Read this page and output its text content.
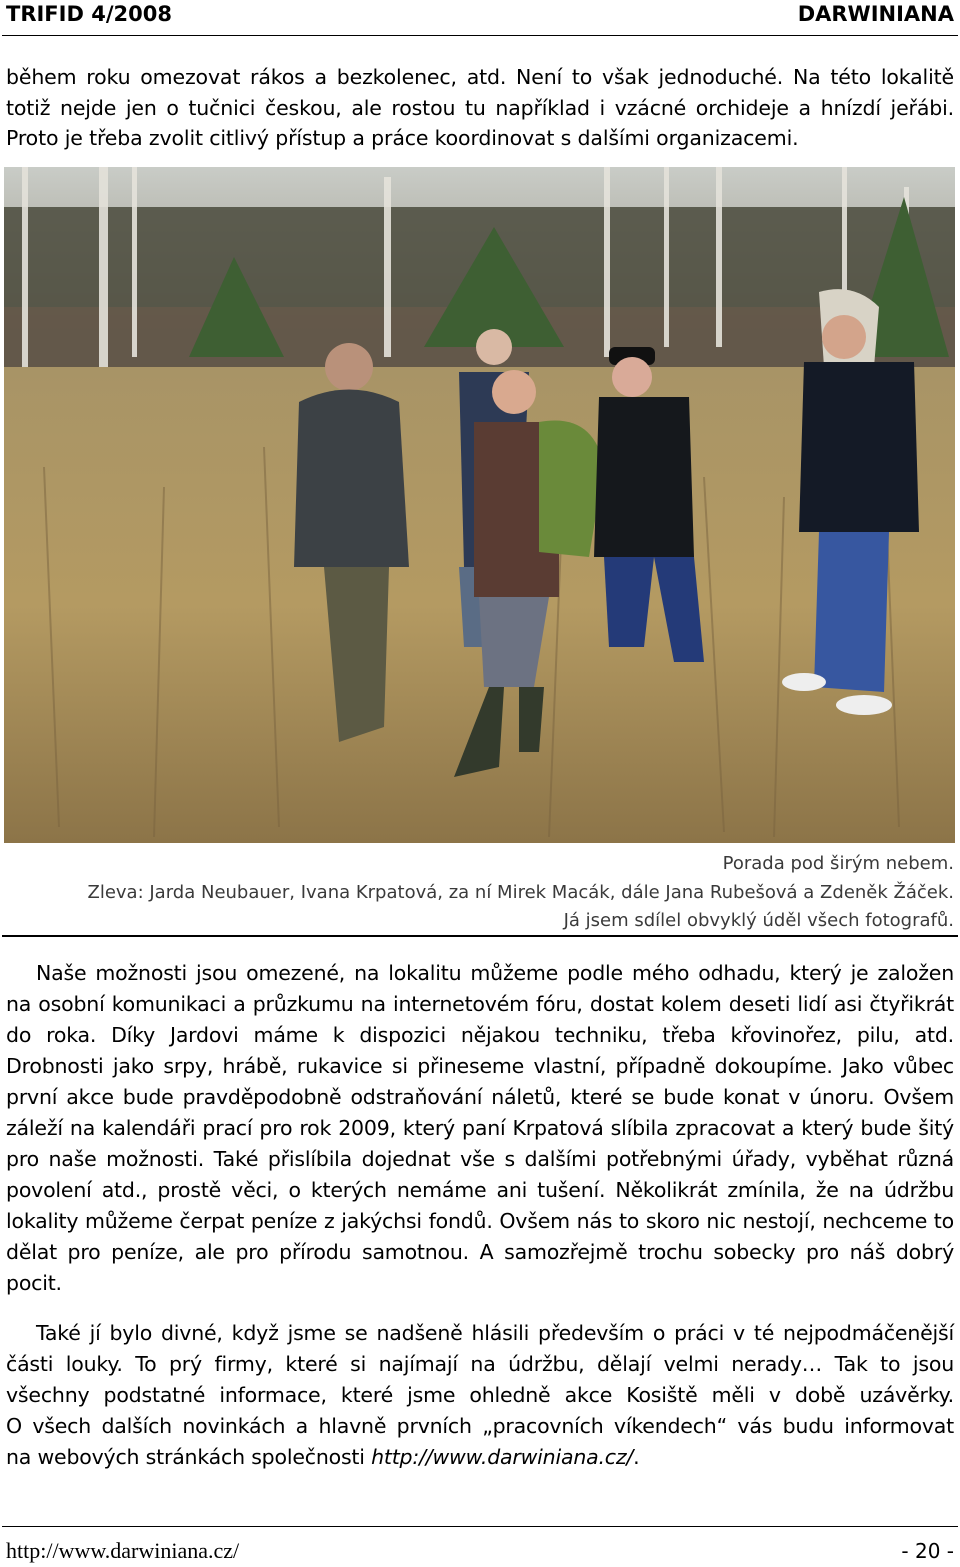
TRIFID 4/2008	DARWINIANA
během roku omezovat rákos a bezkolenec, atd. Není to však jednoduché. Na této lokalitě
totiž nejde jen o tučnici českou, ale rostou tu například i vzácné orchideje a hnízdí jeřábi.
Proto je třeba zvolit citlivý přístup a práce koordinovat s dalšími organizacemi.
Porada pod širým nebem.
Zleva: Jarda Neubauer, Ivana Krpatová, za ní Mirek Macák, dále Jana Rubešová a Zdeněk Žáček.
Já jsem sdílel obvyklý úděl všech fotografů.
Naše možnosti jsou omezené, na lokalitu můžeme podle mého odhadu, který je založen
na osobní komunikaci a průzkumu na internetovém fóru, dostat kolem deseti lidí asi čtyřikrát
do roka. Díky Jardovi máme k dispozici nějakou techniku, třeba křovinořez, pilu, atd.
Drobnosti jako srpy, hrábě, rukavice si přineseme vlastní, případně dokoupíme. Jako vůbec
první akce bude pravděpodobně odstraňování náletů, které se bude konat v únoru. Ovšem
záleží na kalendáři prací pro rok 2009, který paní Krpatová slíbila zpracovat a který bude šitý
pro naše možnosti. Také přislíbila dojednat vše s dalšími potřebnými úřady, vyběhat různá
povolení atd., prostě věci, o kterých nemáme ani tušení. Několikrát zmínila, že na údržbu
lokality můžeme čerpat peníze z jakýchsi fondů. Ovšem nás to skoro nic nestojí, nechceme to
dělat pro peníze, ale pro přírodu samotnou. A samozřejmě trochu sobecky pro náš dobrý
pocit.
Také jí bylo divné, když jsme se nadšeně hlásili především o práci v té nejpodmáčenější
části louky. To prý firmy, které si najímají na údržbu, dělají velmi nerady… Tak to jsou
všechny podstatné informace, které jsme ohledně akce Kosiště měli v době uzávěrky.
O všech dalších novinkách a hlavně prvních „pracovních víkendech“ vás budu informovat
na webových stránkách společnosti http://www.darwiniana.cz/.
http://www.darwiniana.cz/	- 20 -
